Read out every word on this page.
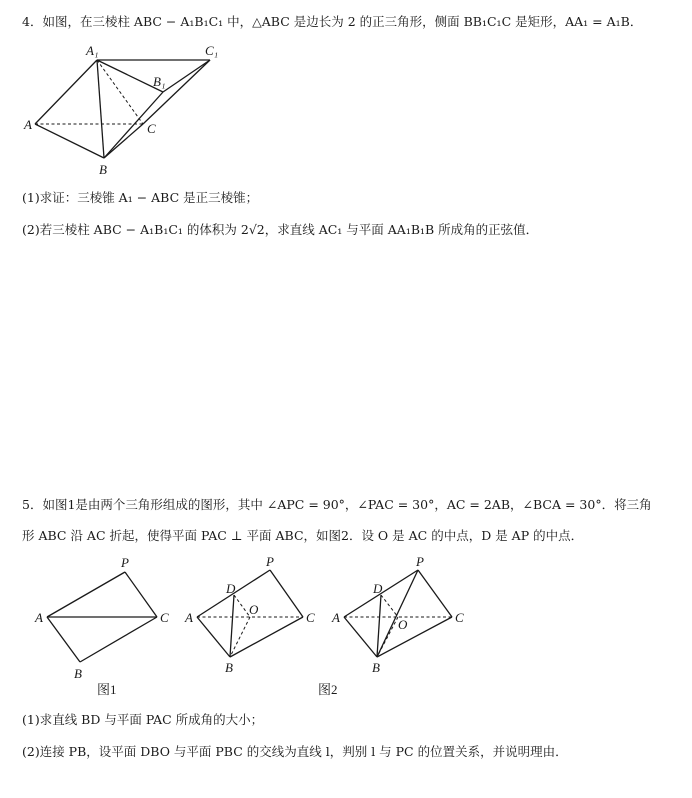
4．如图，在三棱柱 ABC − A₁B₁C₁ 中，△ABC 是边长为 2 的正三角形，侧面 BB₁C₁C 是矩形，AA₁ = A₁B．
A₁	C₁
B₁
A	C
B
(1)求证：三棱锥 A₁ − ABC 是正三棱锥；
(2)若三棱柱 ABC − A₁B₁C₁ 的体积为 2√2，求直线 AC₁ 与平面 AA₁B₁B 所成角的正弦值．
5．如图1是由两个三角形组成的图形，其中 ∠APC = 90°，∠PAC = 30°，AC = 2AB，∠BCA = 30°．将三角
形 ABC 沿 AC 折起，使得平面 PAC ⊥ 平面 ABC，如图2．设 O 是 AC 的中点，D 是 AP 的中点．
P
A	C
B
图1
P
D
O
A	C
B
图2
P
D
O
A	C
B
(1)求直线 BD 与平面 PAC 所成角的大小；
(2)连接 PB，设平面 DBO 与平面 PBC 的交线为直线 l，判别 l 与 PC 的位置关系，并说明理由．
